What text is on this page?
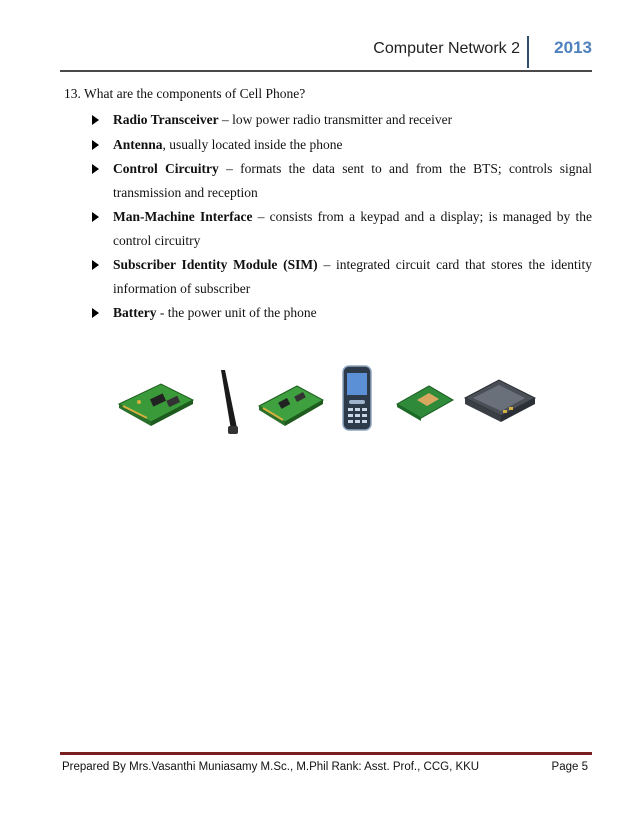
Computer Network 2 2013
13. What are the components of Cell Phone?
Radio Transceiver – low power radio transmitter and receiver
Antenna, usually located inside the phone
Control Circuitry – formats the data sent to and from the BTS; controls signal transmission and reception
Man-Machine Interface – consists from a keypad and a display; is managed by the control circuitry
Subscriber Identity Module (SIM) – integrated circuit card that stores the identity information of subscriber
Battery - the power unit of the phone
Prepared By Mrs.Vasanthi Muniasamy M.Sc., M.Phil Rank: Asst. Prof., CCG, KKU	Page 5
